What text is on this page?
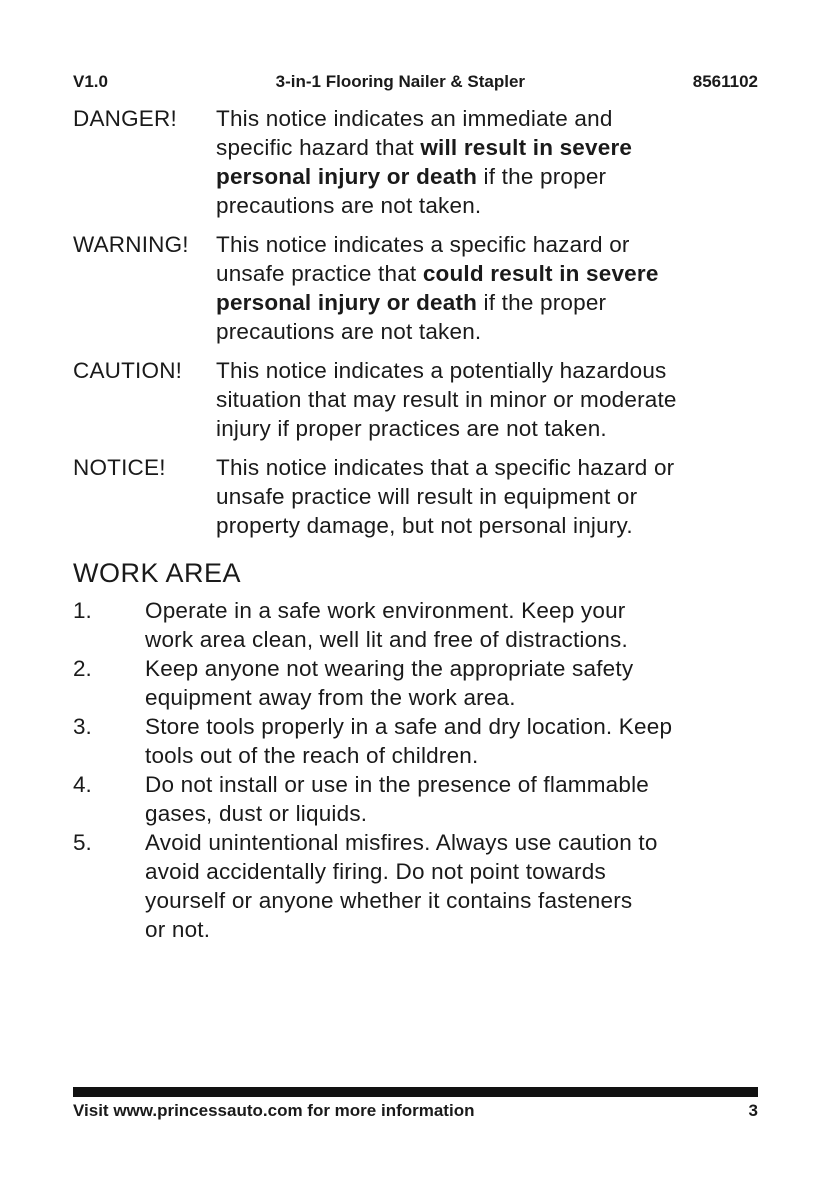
V1.0	3-in-1 Flooring Nailer & Stapler	8561102
DANGER!	This notice indicates an immediate and
specific hazard that will result in severe
personal injury or death if the proper
precautions are not taken.
WARNING!	This notice indicates a specific hazard or
unsafe practice that could result in severe
personal injury or death if the proper
precautions are not taken.
CAUTION!	This notice indicates a potentially hazardous
situation that may result in minor or moderate
injury if proper practices are not taken.
NOTICE!	This notice indicates that a specific hazard or
unsafe practice will result in equipment or
property damage, but not personal injury.
WORK AREA
1.	Operate in a safe work environment. Keep your
work area clean, well lit and free of distractions.
2.	Keep anyone not wearing the appropriate safety
equipment away from the work area.
3.	Store tools properly in a safe and dry location. Keep
tools out of the reach of children.
4.	Do not install or use in the presence of flammable
gases, dust or liquids.
5.	Avoid unintentional misfires. Always use caution to
avoid accidentally firing. Do not point towards
yourself or anyone whether it contains fasteners
or not.
Visit www.princessauto.com for more information	3
